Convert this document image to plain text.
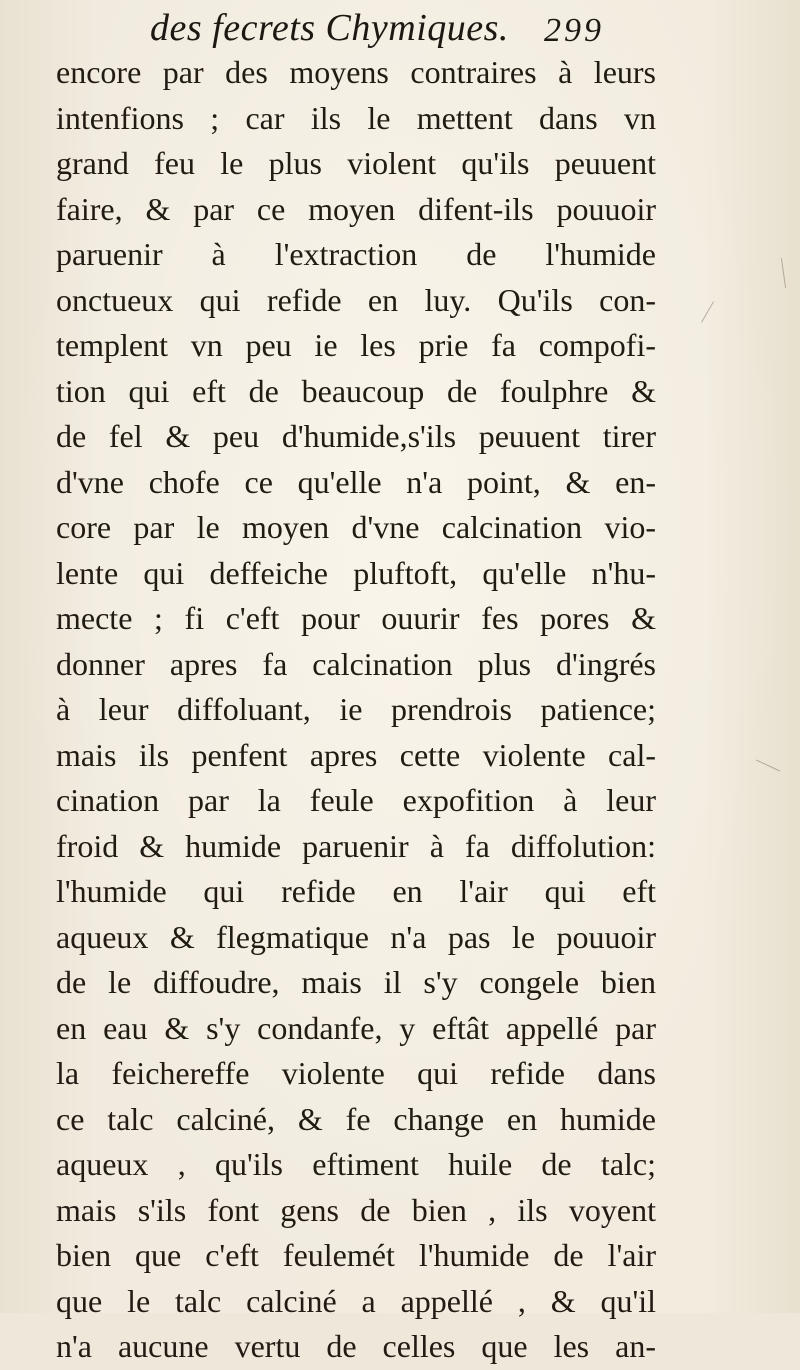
des fecrets Chymiques. 299
encore par des moyens contraires à leurs
intenfions ; car ils le mettent dans vn
grand feu le plus violent qu'ils peuuent
faire, & par ce moyen difent-ils pouuoir
paruenir à l'extraction de l'humide
onctueux qui refide en luy. Qu'ils con-
templent vn peu ie les prie fa compofi-
tion qui eft de beaucoup de foulphre &
de fel & peu d'humide,s'ils peuuent tirer
d'vne chofe ce qu'elle n'a point, & en-
core par le moyen d'vne calcination vio-
lente qui deffeiche pluftoft, qu'elle n'hu-
mecte ; fi c'eft pour ouurir fes pores &
donner apres fa calcination plus d'ingrés
à leur diffoluant, ie prendrois patience;
mais ils penfent apres cette violente cal-
cination par la feule expofition à leur
froid & humide paruenir à fa diffolution:
l'humide qui refide en l'air qui eft
aqueux & flegmatique n'a pas le pouuoir
de le diffoudre, mais il s'y congele bien
en eau & s'y condanfe, y eftât appellé par
la feichereffe violente qui refide dans
ce talc calciné, & fe change en humide
aqueux , qu'ils eftiment huile de talc;
mais s'ils font gens de bien , ils voyent
bien que c'eft feulemét l'humide de l'air
que le talc calciné a appellé , & qu'il
n'a aucune vertu de celles que les an-
